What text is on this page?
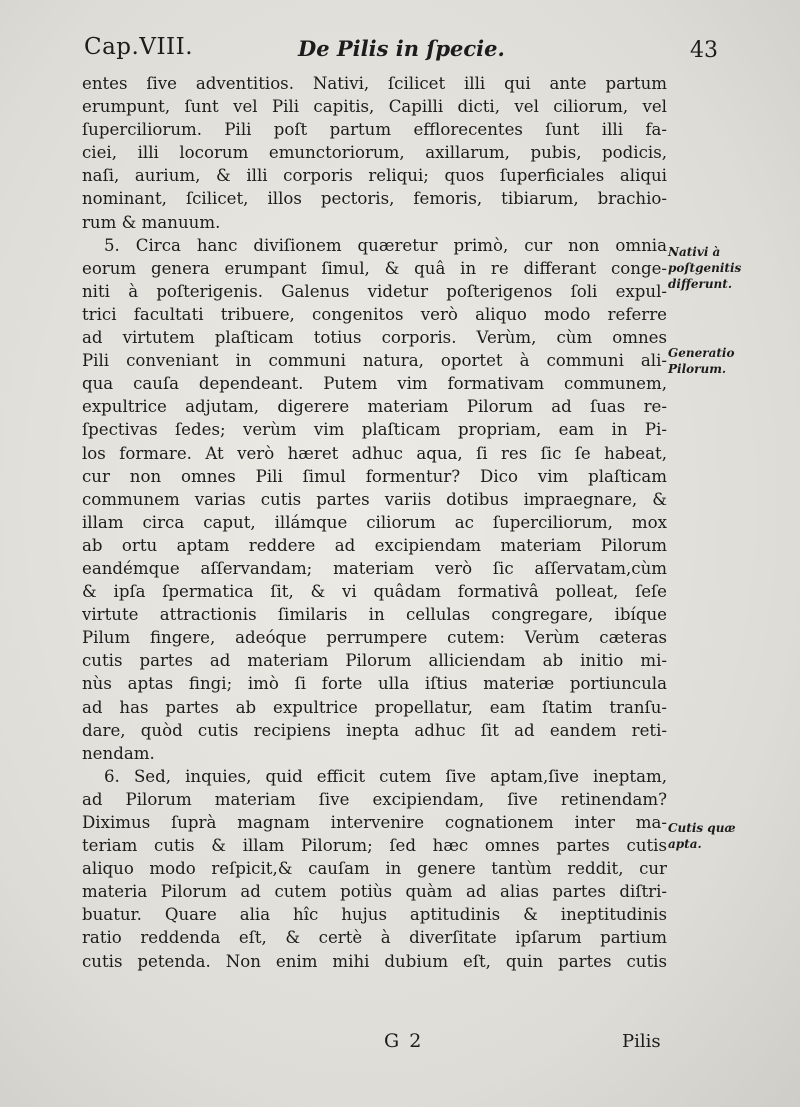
Cap.VIII.	De Pilis in ſpecie.	43
entes ſive adventitios. Nativi, ſcilicet illi qui ante partum
erumpunt, ſunt vel Pili capitis, Capilli dicti, vel ciliorum, vel
ſuperciliorum. Pili poſt partum efflorecentes ſunt illi fa-
ciei, illi locorum emunctoriorum, axillarum, pubis, podicis,
naſi, aurium, & illi corporis reliqui; quos ſuperficiales aliqui
nominant, ſcilicet, illos pectoris, femoris, tibiarum, brachio-
rum & manuum.
5. Circa hanc diviſionem quæretur primò, cur non omnia
eorum genera erumpant ſimul, & quâ in re differant conge-
niti à poſterigenis. Galenus videtur poſterigenos ſoli expul-
trici facultati tribuere, congenitos verò aliquo modo referre
ad virtutem plaſticam totius corporis. Verùm, cùm omnes
Pili conveniant in communi natura, oportet à communi ali-
qua cauſa dependeant. Putem vim formativam communem,
expultrice adjutam, digerere materiam Pilorum ad ſuas re-
ſpectivas ſedes; verùm vim plaſticam propriam, eam in Pi-
los formare. At verò hæret adhuc aqua, ſi res ſic ſe habeat,
cur non omnes Pili ſimul formentur? Dico vim plaſticam
communem varias cutis partes variis dotibus impraegnare, &
illam circa caput, illámque ciliorum ac ſuperciliorum, mox
ab ortu aptam reddere ad excipiendam materiam Pilorum
eandémque aſſervandam; materiam verò ſic aſſervatam,cùm
& ipſa ſpermatica ſit, & vi quâdam formativâ polleat, ſeſe
virtute attractionis ſimilaris in cellulas congregare, ibíque
Pilum fingere, adeóque perrumpere cutem: Verùm cæteras
cutis partes ad materiam Pilorum alliciendam ab initio mi-
nùs aptas fingi; imò ſi forte ulla iſtius materiæ portiuncula
ad has partes ab expultrice propellatur, eam ſtatim tranſu-
dare, quòd cutis recipiens inepta adhuc ſit ad eandem reti-
nendam.
6. Sed, inquies, quid efficit cutem ſive aptam,ſive ineptam,
ad Pilorum materiam ſive excipiendam, ſive retinendam?
Diximus ſuprà magnam intervenire cognationem inter ma-
teriam cutis & illam Pilorum; ſed hæc omnes partes cutis
aliquo modo reſpicit,& cauſam in genere tantùm reddit, cur
materia Pilorum ad cutem potiùs quàm ad alias partes diſtri-
buatur. Quare alia hîc hujus aptitudinis & ineptitudinis
ratio reddenda eſt, & certè à diverſitate ipſarum partium
cutis petenda. Non enim mihi dubium eſt, quin partes cutis
Nativi à
poſtgenitis
differunt.
Generatio
Pilorum.
Cutis quæ
apta.
G 2	Pilis
